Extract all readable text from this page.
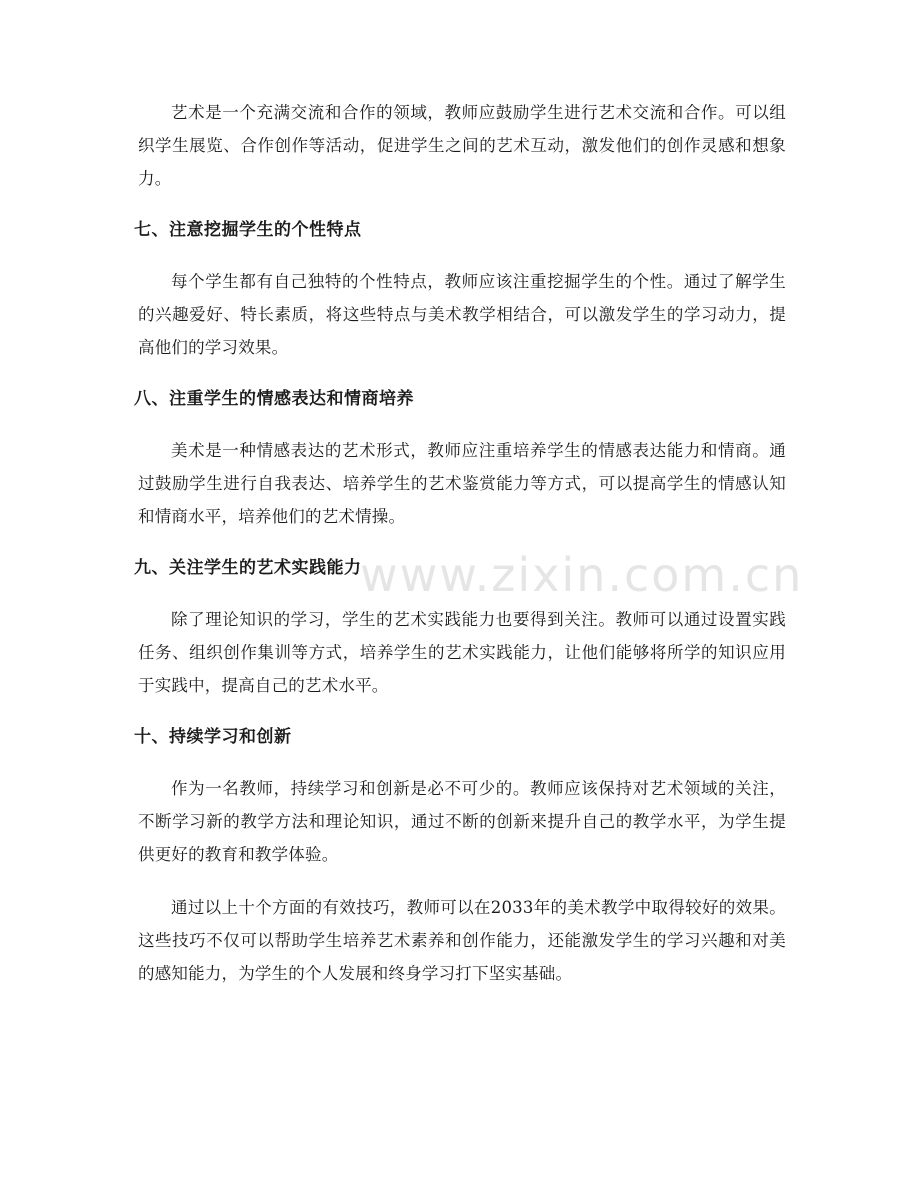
艺术是一个充满交流和合作的领域，教师应鼓励学生进行艺术交流和合作。可以组织学生展览、合作创作等活动，促进学生之间的艺术互动，激发他们的创作灵感和想象力。

七、注意挖掘学生的个性特点

每个学生都有自己独特的个性特点，教师应该注重挖掘学生的个性。通过了解学生的兴趣爱好、特长素质，将这些特点与美术教学相结合，可以激发学生的学习动力，提高他们的学习效果。

八、注重学生的情感表达和情商培养

美术是一种情感表达的艺术形式，教师应注重培养学生的情感表达能力和情商。通过鼓励学生进行自我表达、培养学生的艺术鉴赏能力等方式，可以提高学生的情感认知和情商水平，培养他们的艺术情操。

九、关注学生的艺术实践能力

除了理论知识的学习，学生的艺术实践能力也要得到关注。教师可以通过设置实践任务、组织创作集训等方式，培养学生的艺术实践能力，让他们能够将所学的知识应用于实践中，提高自己的艺术水平。

十、持续学习和创新

作为一名教师，持续学习和创新是必不可少的。教师应该保持对艺术领域的关注，不断学习新的教学方法和理论知识，通过不断的创新来提升自己的教学水平，为学生提供更好的教育和教学体验。

通过以上十个方面的有效技巧，教师可以在2033年的美术教学中取得较好的效果。这些技巧不仅可以帮助学生培养艺术素养和创作能力，还能激发学生的学习兴趣和对美的感知能力，为学生的个人发展和终身学习打下坚实基础。

www.zixin.com.cn
